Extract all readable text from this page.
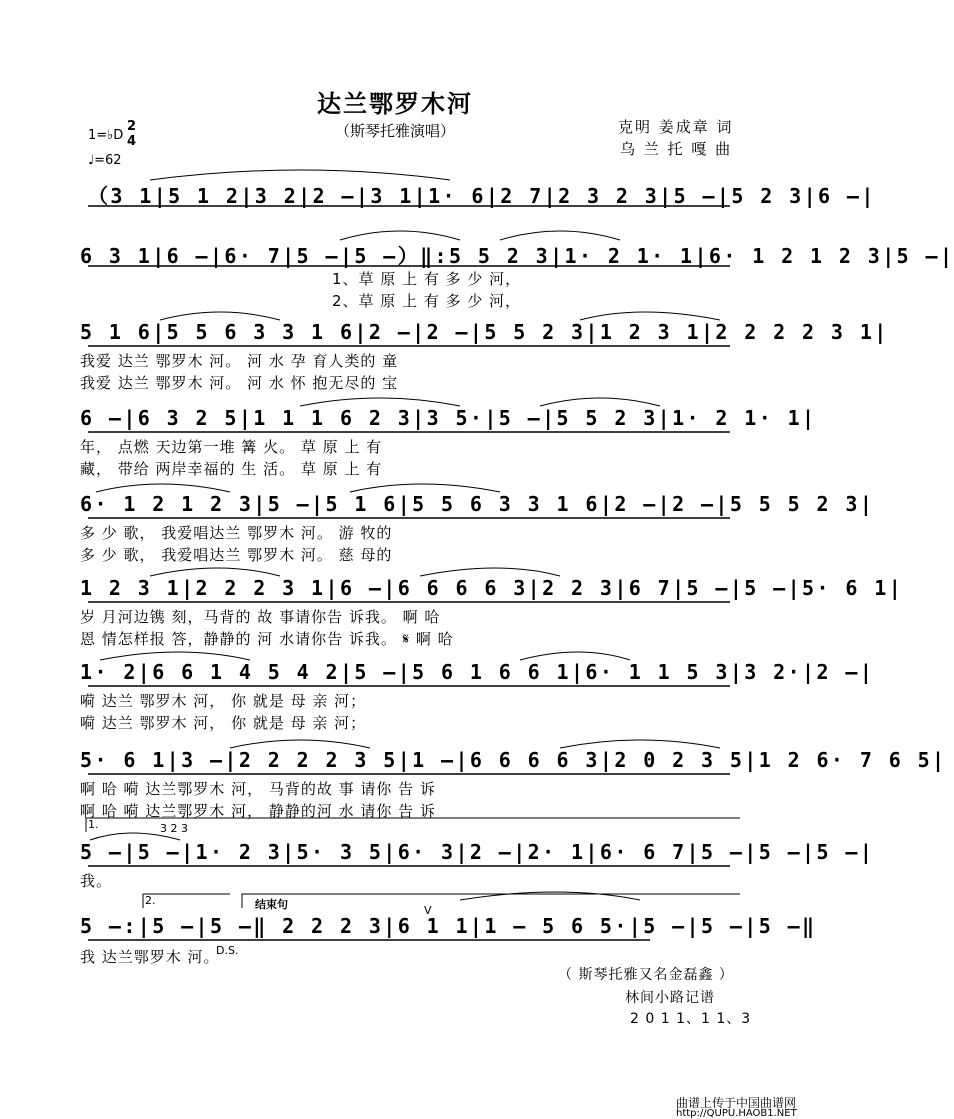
达兰鄂罗木河
（斯琴托雅演唱）	克明 姜成章 词
乌 兰 托 嘎 曲
1=♭D
2
4
♩=62
（3 1|5 1 2|3 2|2 –|3 1|1· 6|2 7|2 3 2 3|5 –|5 2 3|6 –|
6 3 1|6 –|6· 7|5 –|5 –）‖:5 5 2 3|1· 2 1· 1|6· 1 2 1 2 3|5 –|
1、草 原 上 有 多 少 河，
2、草 原 上 有 多 少 河，
5 1 6|5 5 6 3 3 1 6|2 –|2 –|5 5 2 3|1 2 3 1|2 2 2 2 3 1|
我爱 达兰 鄂罗木 河。 河 水 孕 育人类的 童
我爱 达兰 鄂罗木 河。 河 水 怀 抱无尽的 宝
6 –|6 3 2 5|1 1 1 6 2 3|3 5·|5 –|5 5 2 3|1· 2 1· 1|
年， 点燃 天边第一堆 篝 火。 草 原 上 有
藏， 带给 两岸幸福的 生 活。 草 原 上 有
6· 1 2 1 2 3|5 –|5 1 6|5 5 6 3 3 1 6|2 –|2 –|5 5 5 2 3|
多 少 歌， 我爱唱达兰 鄂罗木 河。 游 牧的
多 少 歌， 我爱唱达兰 鄂罗木 河。 慈 母的
1 2 3 1|2 2 2 3 1|6 –|6 6 6 6 3|2 2 3|6 7|5 –|5 –|5· 6 1|
岁 月河边镌 刻，马背的 故 事请你告 诉我。 啊 哈
恩 情怎样报 答，静静的 河 水请你告 诉我。 𝄋 啊 哈
1· 2|6 6 1 4 5 4 2|5 –|5 6 1 6 6 1|6· 1 1 5 3|3 2·|2 –|
嗬 达兰 鄂罗木 河， 你 就是 母 亲 河；
嗬 达兰 鄂罗木 河， 你 就是 母 亲 河；
5· 6 1|3 –|2 2 2 2 3 5|1 –|6 6 6 6 3|2 0 2 3 5|1 2 6· 7 6 5|
啊 哈 嗬 达兰鄂罗木 河， 马背的故 事 请你 告 诉
啊 哈 嗬 达兰鄂罗木 河， 静静的河 水 请你 告 诉
1.	3 2 3
5 –|5 –|1· 2 3|5· 3 5|6· 3|2 –|2· 1|6· 6 7|5 –|5 –|5 –|
我。
2.	结束句	V
5 –:|5 –|5 –‖ 2 2 2 3|6 1 1|1 – 5 6 5·|5 –|5 –|5 –‖
我 达兰鄂罗木 河。
D.S.
（ 斯琴托雅又名金磊鑫 ）
林间小路记谱
2 0 1 1、1 1、3
曲谱上传于中国曲谱网
http://QUPU.HAOB1.NET
